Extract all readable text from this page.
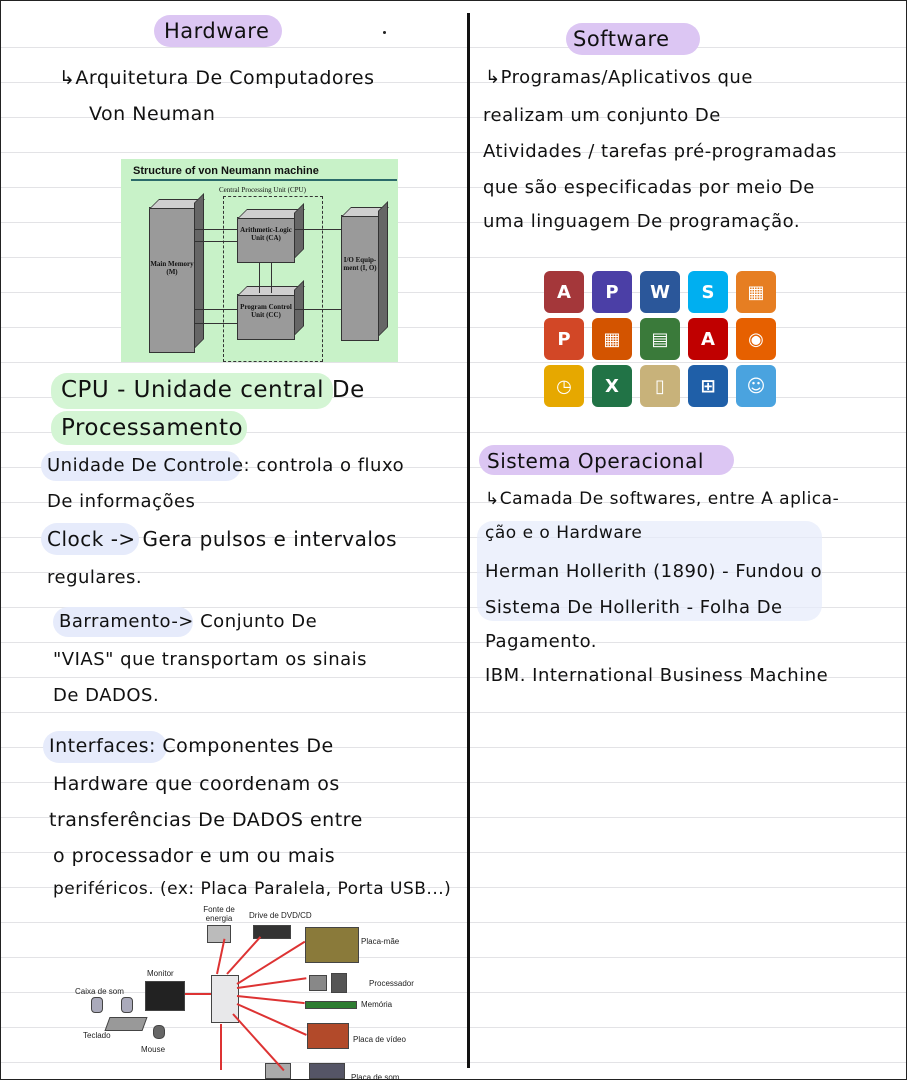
Hardware
↳Arquitetura De Computadores
Von Neuman
Structure of von Neumann machine
Central Processing Unit (CPU)
Main Memory (M)
Arithmetic-Logic Unit (CA)
Program Control Unit (CC)
I/O Equip-ment (I, O)
CPU - Unidade central De
Processamento
Unidade De Controle: controla o fluxo
De informações
Clock -> Gera pulsos e intervalos
regulares.
Barramento-> Conjunto De
"VIAS" que transportam os sinais
De DADOS.
Interfaces: Componentes De
Hardware que coordenam os
transferências De DADOS entre
o processador e um ou mais
periféricos. (ex: Placa Paralela, Porta USB...)
Fonte de energia	Drive de DVD/CD
Placa-mãe
Monitor
Caixa de som
Processador
Memória
Teclado
Mouse
Placa de vídeo
Placa de som
Software
↳Programas/Aplicativos que
realizam um conjunto De
Atividades / tarefas pré-programadas
que são especificadas por meio De
uma linguagem De programação.
A	P	W	S	▦
P	▦	▤	A	◉
◷	X	▯	⊞	☺
Sistema Operacional
↳Camada De softwares, entre A aplica-
ção e o Hardware
Herman Hollerith (1890) - Fundou o
Sistema De Hollerith - Folha De
Pagamento.
IBM. International Business Machine
